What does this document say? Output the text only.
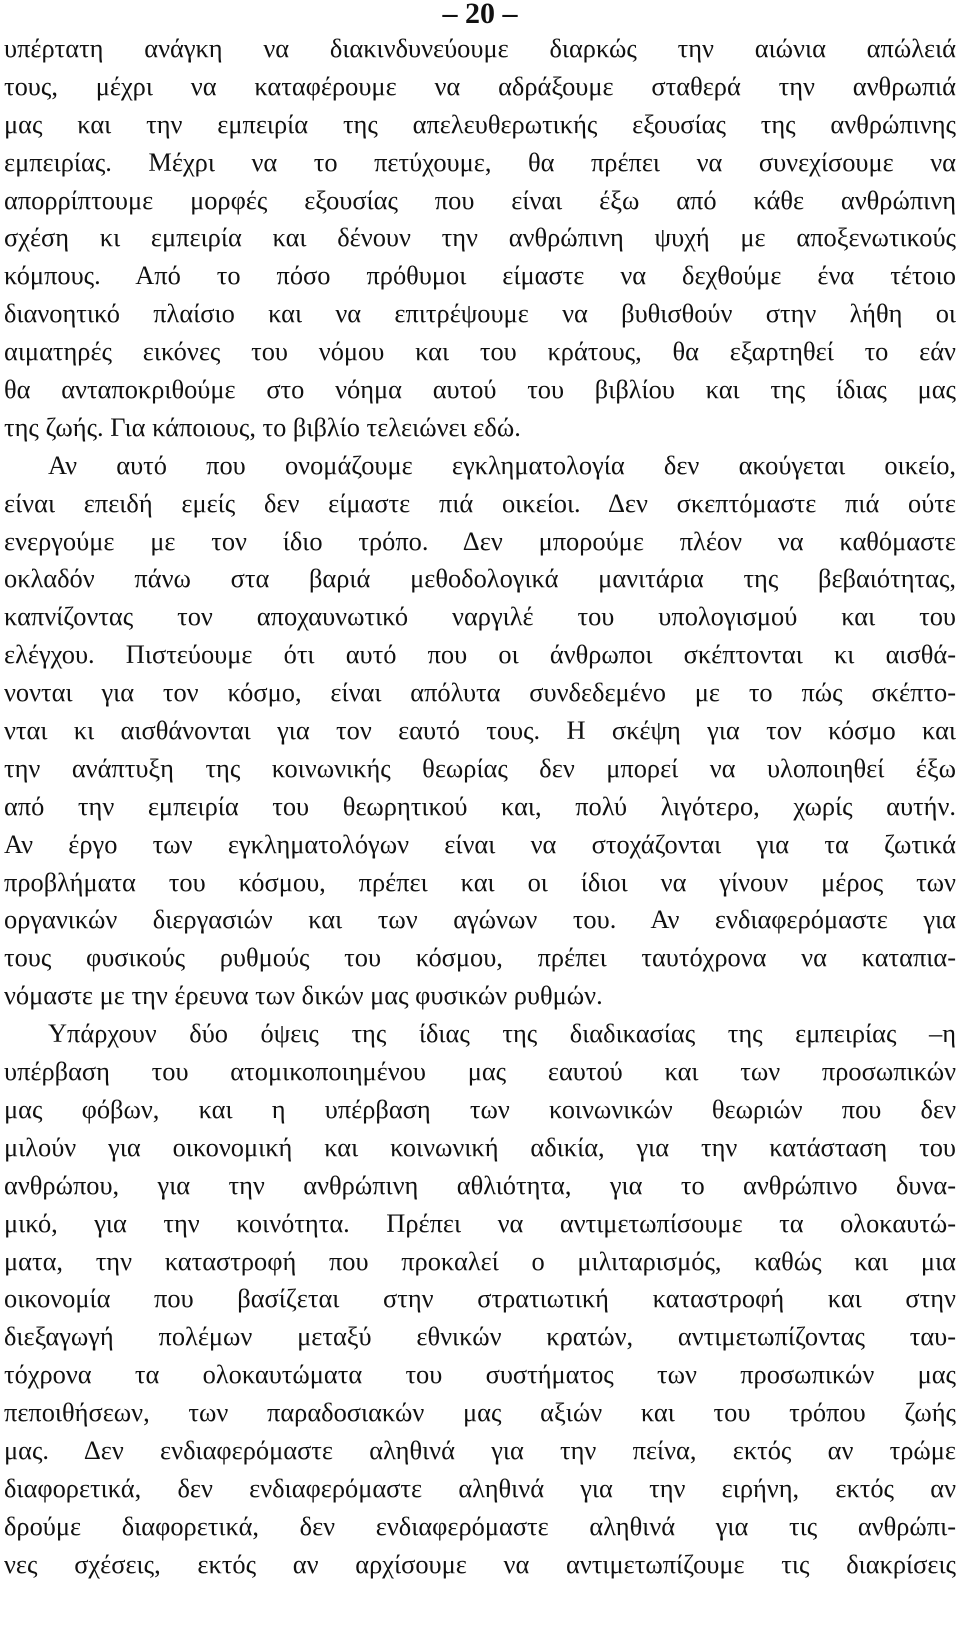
– 20 –
υπέρτατη ανάγκη να διακινδυνεύουμε διαρκώς την αιώνια απώλειά
τους, μέχρι να καταφέρουμε να αδράξουμε σταθερά την ανθρωπιά
μας και την εμπειρία της απελευθερωτικής εξουσίας της ανθρώπινης
εμπειρίας. Μέχρι να το πετύχουμε, θα πρέπει να συνεχίσουμε να
απορρίπτουμε μορφές εξουσίας που είναι έξω από κάθε ανθρώπινη
σχέση κι εμπειρία και δένουν την ανθρώπινη ψυχή με αποξενωτικούς
κόμπους. Από το πόσο πρόθυμοι είμαστε να δεχθούμε ένα τέτοιο
διανοητικό πλαίσιο και να επιτρέψουμε να βυθισθούν στην λήθη οι
αιματηρές εικόνες του νόμου και του κράτους, θα εξαρτηθεί το εάν
θα ανταποκριθούμε στο νόημα αυτού του βιβλίου και της ίδιας μας
της ζωής. Για κάποιους, το βιβλίο τελειώνει εδώ.
Αν αυτό που ονομάζουμε εγκληματολογία δεν ακούγεται οικείο,
είναι επειδή εμείς δεν είμαστε πιά οικείοι. Δεν σκεπτόμαστε πιά ούτε
ενεργούμε με τον ίδιο τρόπο. Δεν μπορούμε πλέον να καθόμαστε
οκλαδόν πάνω στα βαριά μεθοδολογικά μανιτάρια της βεβαιότητας,
καπνίζοντας τον αποχαυνωτικό ναργιλέ του υπολογισμού και του
ελέγχου. Πιστεύουμε ότι αυτό που οι άνθρωποι σκέπτονται κι αισθά-
νονται για τον κόσμο, είναι απόλυτα συνδεδεμένο με το πώς σκέπτο-
νται κι αισθάνονται για τον εαυτό τους. Η σκέψη για τον κόσμο και
την ανάπτυξη της κοινωνικής θεωρίας δεν μπορεί να υλοποιηθεί έξω
από την εμπειρία του θεωρητικού και, πολύ λιγότερο, χωρίς αυτήν.
Αν έργο των εγκληματολόγων είναι να στοχάζονται για τα ζωτικά
προβλήματα του κόσμου, πρέπει και οι ίδιοι να γίνουν μέρος των
οργανικών διεργασιών και των αγώνων του. Αν ενδιαφερόμαστε για
τους φυσικούς ρυθμούς του κόσμου, πρέπει ταυτόχρονα να καταπια-
νόμαστε με την έρευνα των δικών μας φυσικών ρυθμών.
Υπάρχουν δύο όψεις της ίδιας της διαδικασίας της εμπειρίας –η
υπέρβαση του ατομικοποιημένου μας εαυτού και των προσωπικών
μας φόβων, και η υπέρβαση των κοινωνικών θεωριών που δεν
μιλούν για οικονομική και κοινωνική αδικία, για την κατάσταση του
ανθρώπου, για την ανθρώπινη αθλιότητα, για το ανθρώπινο δυνα-
μικό, για την κοινότητα. Πρέπει να αντιμετωπίσουμε τα ολοκαυτώ-
ματα, την καταστροφή που προκαλεί ο μιλιταρισμός, καθώς και μια
οικονομία που βασίζεται στην στρατιωτική καταστροφή και στην
διεξαγωγή πολέμων μεταξύ εθνικών κρατών, αντιμετωπίζοντας ταυ-
τόχρονα τα ολοκαυτώματα του συστήματος των προσωπικών μας
πεποιθήσεων, των παραδοσιακών μας αξιών και του τρόπου ζωής
μας. Δεν ενδιαφερόμαστε αληθινά για την πείνα, εκτός αν τρώμε
διαφορετικά, δεν ενδιαφερόμαστε αληθινά για την ειρήνη, εκτός αν
δρούμε διαφορετικά, δεν ενδιαφερόμαστε αληθινά για τις ανθρώπι-
νες σχέσεις, εκτός αν αρχίσουμε να αντιμετωπίζουμε τις διακρίσεις
